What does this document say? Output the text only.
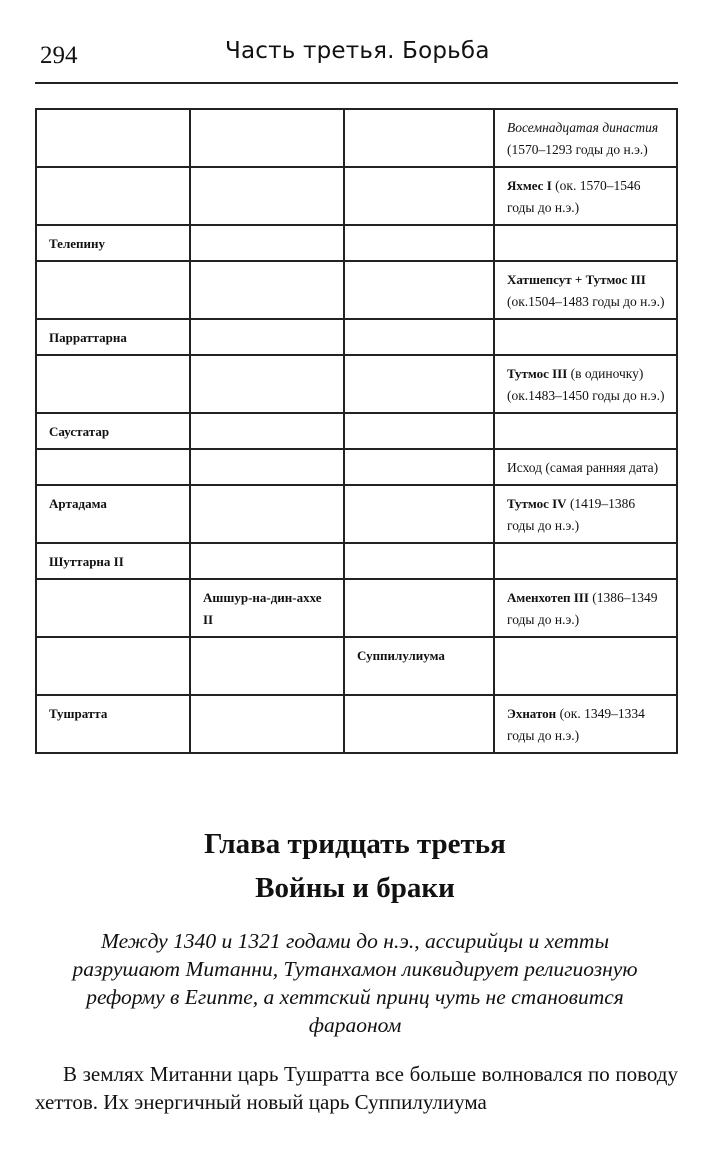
294	Часть третья. Борьба
			Восемнадцатая династия
(1570–1293 годы до н.э.)
			Яхмес I (ок. 1570–1546 годы до н.э.)
Телепину			
			Хатшепсут + Тутмос III (ок.1504–1483 годы до н.э.)
Парраттарна			
			Тутмос III (в одиночку) (ок.1483–1450 годы до н.э.)
Саустатар			
			Исход (самая ранняя дата)
Артадама			Тутмос IV (1419–1386 годы до н.э.)
Шуттарна II			
	Ашшур-на-дин-аххе II		Аменхотеп III (1386–1349 годы до н.э.)
		Суппилулиума	
Тушратта			Эхнатон (ок. 1349–1334 годы до н.э.)
Глава тридцать третья
Войны и браки
Между 1340 и 1321 годами до н.э., ассирийцы и хетты разрушают Митанни, Тутанхамон ликвидирует религиозную реформу в Египте, а хеттский принц чуть не становится фараоном
В землях Митанни царь Тушратта все больше волновался по поводу хеттов. Их энергичный новый царь Суппилулиума
